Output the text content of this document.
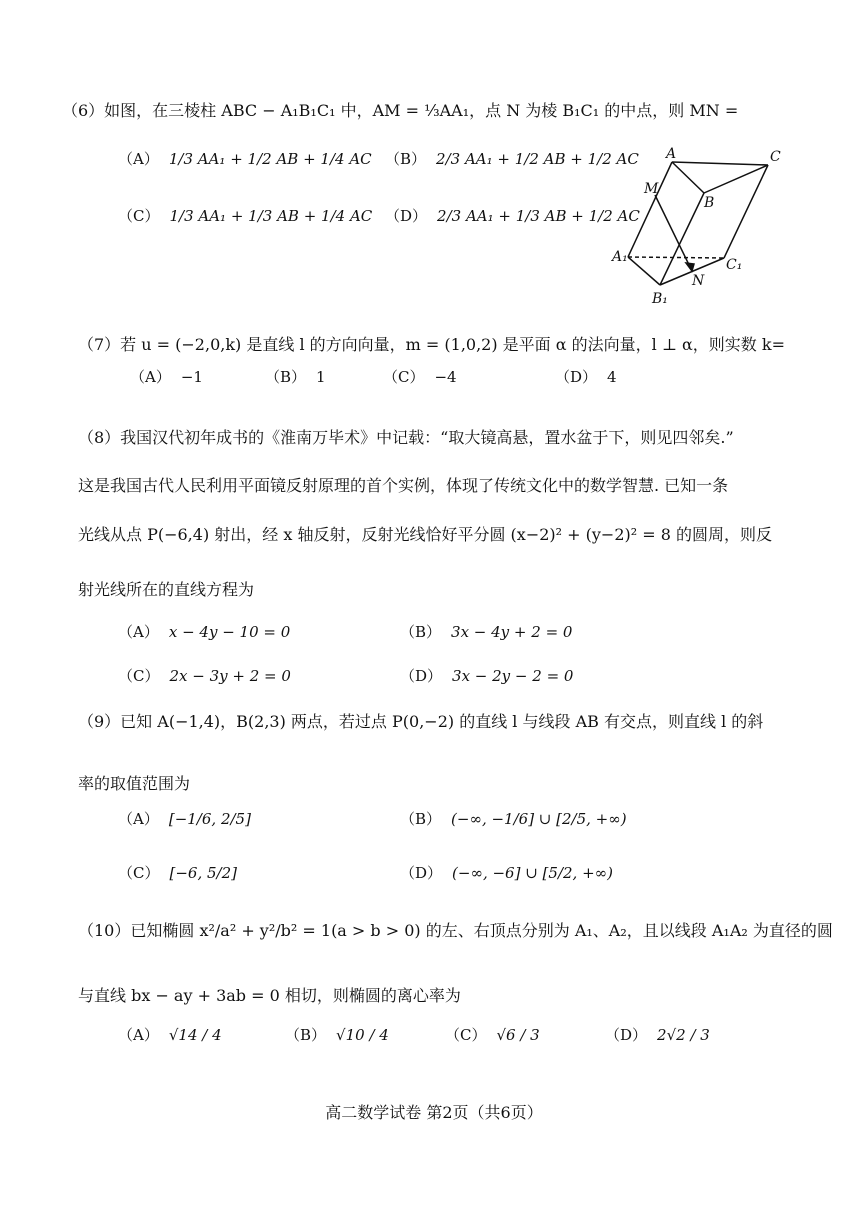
（6）如图，在三棱柱 ABC − A₁B₁C₁ 中，AM = ⅓AA₁，点 N 为棱 B₁C₁ 的中点，则 MN =
（A） 1/3 AA₁ + 1/2 AB + 1/4 AC （B） 2/3 AA₁ + 1/2 AB + 1/2 AC
（C） 1/3 AA₁ + 1/3 AB + 1/4 AC （D） 2/3 AA₁ + 1/3 AB + 1/2 AC
A	C
M
B
A₁	C₁
N
B₁
（7）若 u = (−2,0,k) 是直线 l 的方向向量，m = (1,0,2) 是平面 α 的法向量，l ⊥ α，则实数 k=
（A） −1	（B） 1	（C） −4	（D） 4
（8）我国汉代初年成书的《淮南万毕术》中记载：“取大镜高悬，置水盆于下，则见四邻矣.”
这是我国古代人民利用平面镜反射原理的首个实例，体现了传统文化中的数学智慧. 已知一条
光线从点 P(−6,4) 射出，经 x 轴反射，反射光线恰好平分圆 (x−2)² + (y−2)² = 8 的圆周，则反
射光线所在的直线方程为
（A） x − 4y − 10 = 0	（B） 3x − 4y + 2 = 0
（C） 2x − 3y + 2 = 0	（D） 3x − 2y − 2 = 0
（9）已知 A(−1,4)，B(2,3) 两点，若过点 P(0,−2) 的直线 l 与线段 AB 有交点，则直线 l 的斜
率的取值范围为
（A） [−1/6, 2/5]	（B） (−∞, −1/6] ∪ [2/5, +∞)
（C） [−6, 5/2]	（D） (−∞, −6] ∪ [5/2, +∞)
（10）已知椭圆 x²/a² + y²/b² = 1(a > b > 0) 的左、右顶点分别为 A₁、A₂，且以线段 A₁A₂ 为直径的圆
与直线 bx − ay + 3ab = 0 相切，则椭圆的离心率为
（A） √14 / 4	（B） √10 / 4	（C） √6 / 3	（D） 2√2 / 3
高二数学试卷 第2页（共6页）
